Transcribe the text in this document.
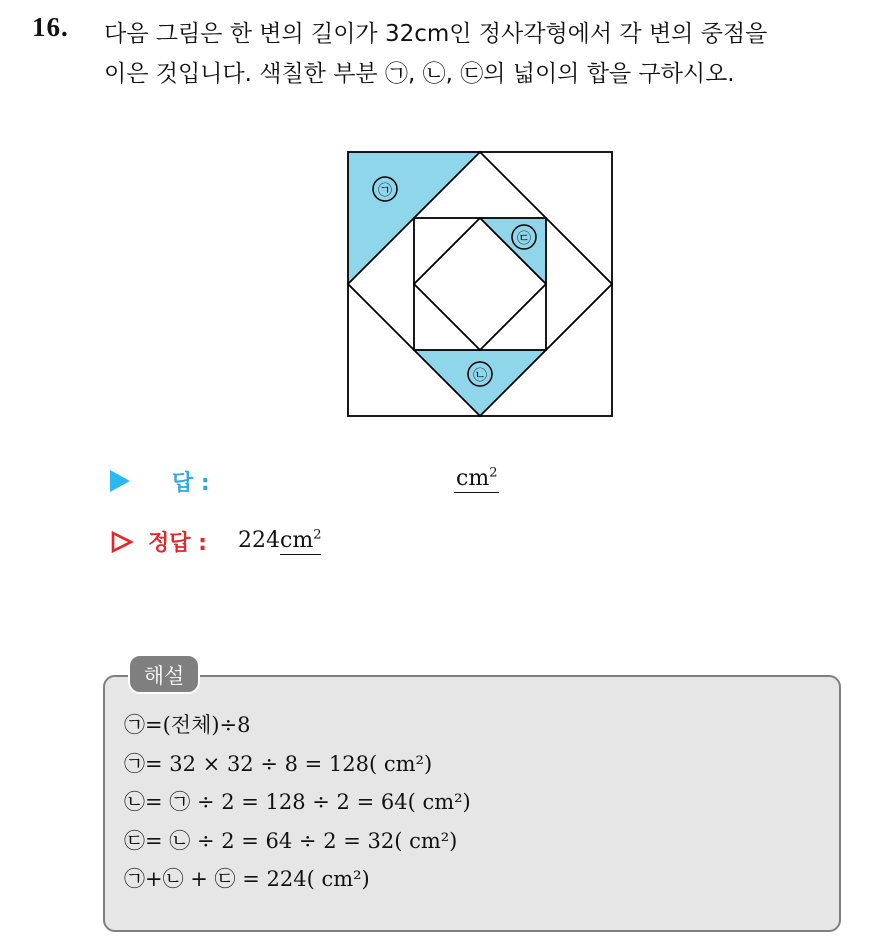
16. 다음 그림은 한 변의 길이가 32cm인 정사각형에서 각 변의 중점을
이은 것입니다. 색칠한 부분 ㉠, ㉡, ㉢의 넓이의 합을 구하시오.
㉠
㉢
㉡
답 :	$cm^2$
정답 : $224cm^2$
해설
㉠=(전체)÷8
㉠= 32 × 32 ÷ 8 = 128( cm²)
㉡= ㉠ ÷ 2 = 128 ÷ 2 = 64( cm²)
㉢= ㉡ ÷ 2 = 64 ÷ 2 = 32( cm²)
㉠+㉡ + ㉢ = 224( cm²)
